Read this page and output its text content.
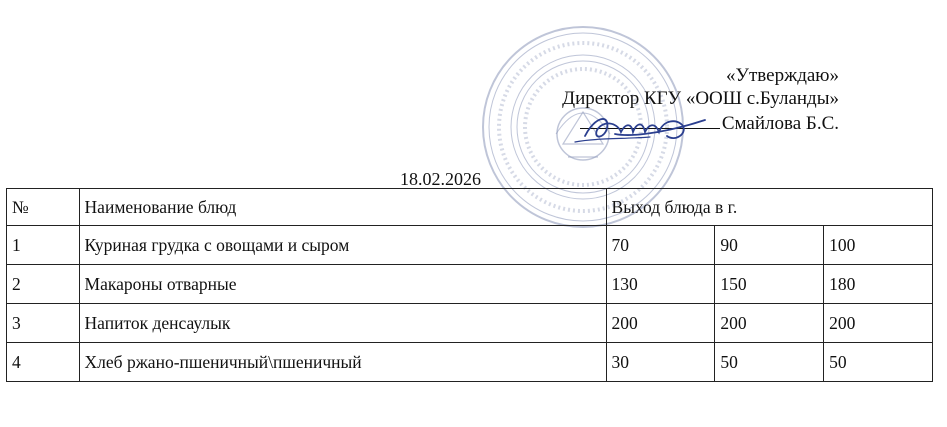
«Утверждаю»
Директор КГУ «ООШ с.Буланды»
Смайлова Б.С.
18.02.2026
№	Наименование блюд	Выход блюда в г.		
1	Куриная грудка с овощами и сыром	70	90	100
2	Макароны отварные	130	150	180
3	Напиток денсаулык	200	200	200
4	Хлеб ржано-пшеничный\пшеничный	30	50	50
